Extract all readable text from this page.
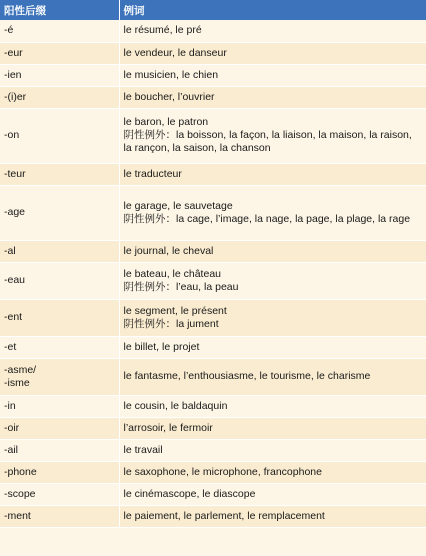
阳性后缀	例词
-é	le résumé, le pré

-eur	le vendeur, le danseur

-ien	le musicien, le chien

-(i)er	le boucher, l’ouvrier

-on	le baron, le patron
阴性例外：la boisson, la façon, la liaison, la maison, la raison, la rançon, la saison, la chanson

-teur	le traducteur

-age	le garage, le sauvetage
阴性例外：la cage, l’image, la nage, la page, la plage, la rage

-al	le journal, le cheval

-eau	le bateau, le château
阴性例外：l’eau, la peau

-ent	le segment, le présent
阴性例外：la jument

-et	le billet, le projet

-asme/
-isme	le fantasme, l’enthousiasme, le tourisme, le charisme

-in	le cousin, le baldaquin

-oir	l’arrosoir, le fermoir

-ail	le travail

-phone	le saxophone, le microphone, francophone

-scope	le cinémascope, le diascope

-ment	le paiement, le parlement, le remplacement
